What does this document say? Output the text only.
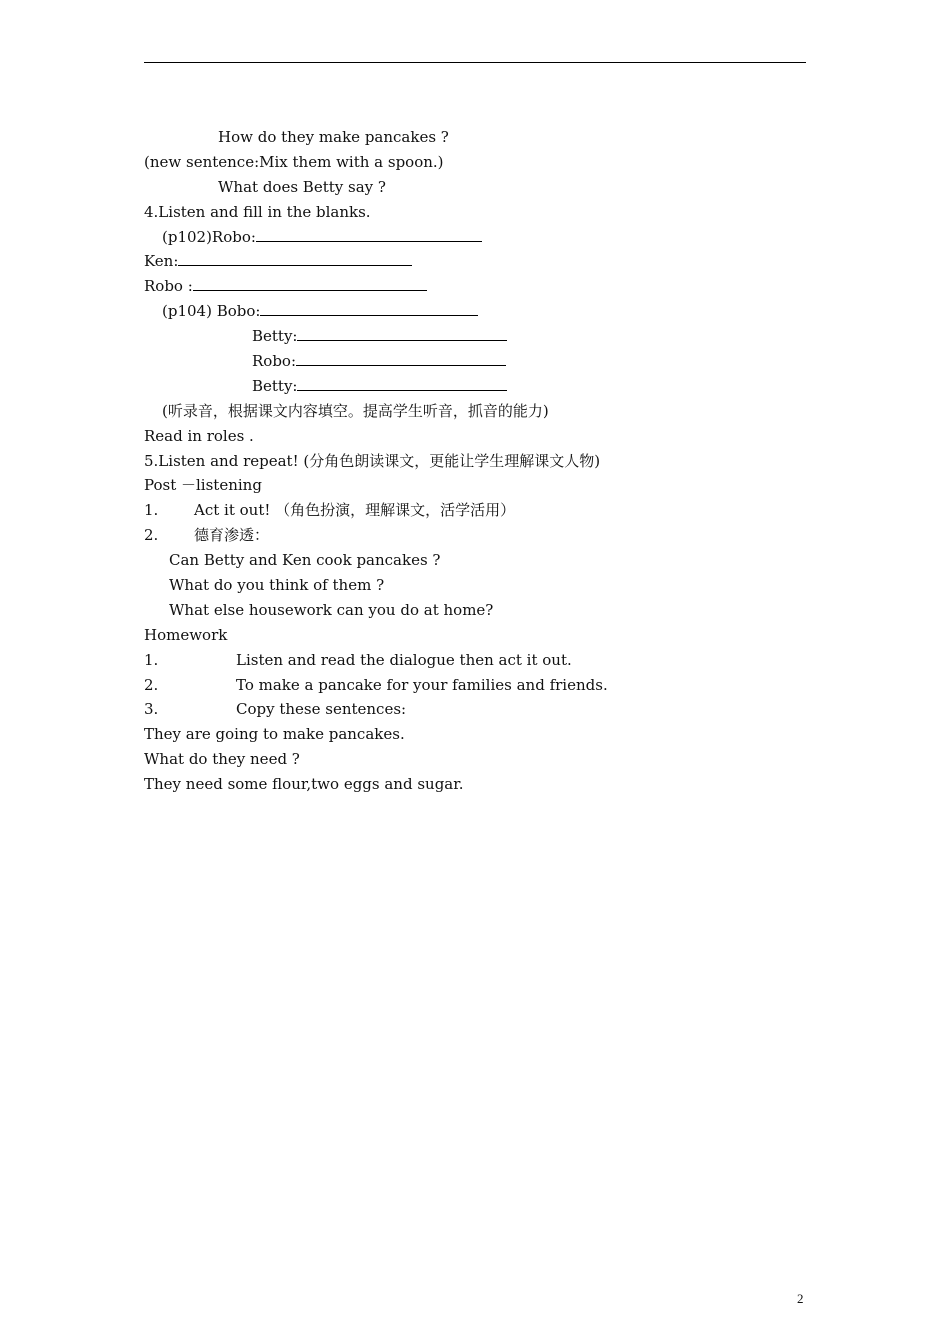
How do they make pancakes ?
(new sentence:Mix them with a spoon.)
What does Betty say ?
4.Listen and fill in the blanks.
(p102)Robo:
Ken:
Robo :
(p104) Bobo:
Betty:
Robo:
Betty:
(听录音，根据课文内容填空。提高学生听音，抓音的能力)
Read in roles .
5.Listen and repeat! (分角色朗读课文，更能让学生理解课文人物)
Post －listening
1. Act it out! （角色扮演，理解课文，活学活用）
2. 德育渗透：
Can Betty and Ken cook pancakes ?
What do you think of them ?
What else housework can you do at home?
Homework
1.	Listen and read the dialogue then act it out.
2.	To make a pancake for your families and friends.
3.	Copy these sentences:
They are going to make pancakes.
What do they need ?
They need some flour,two eggs and sugar.
2
